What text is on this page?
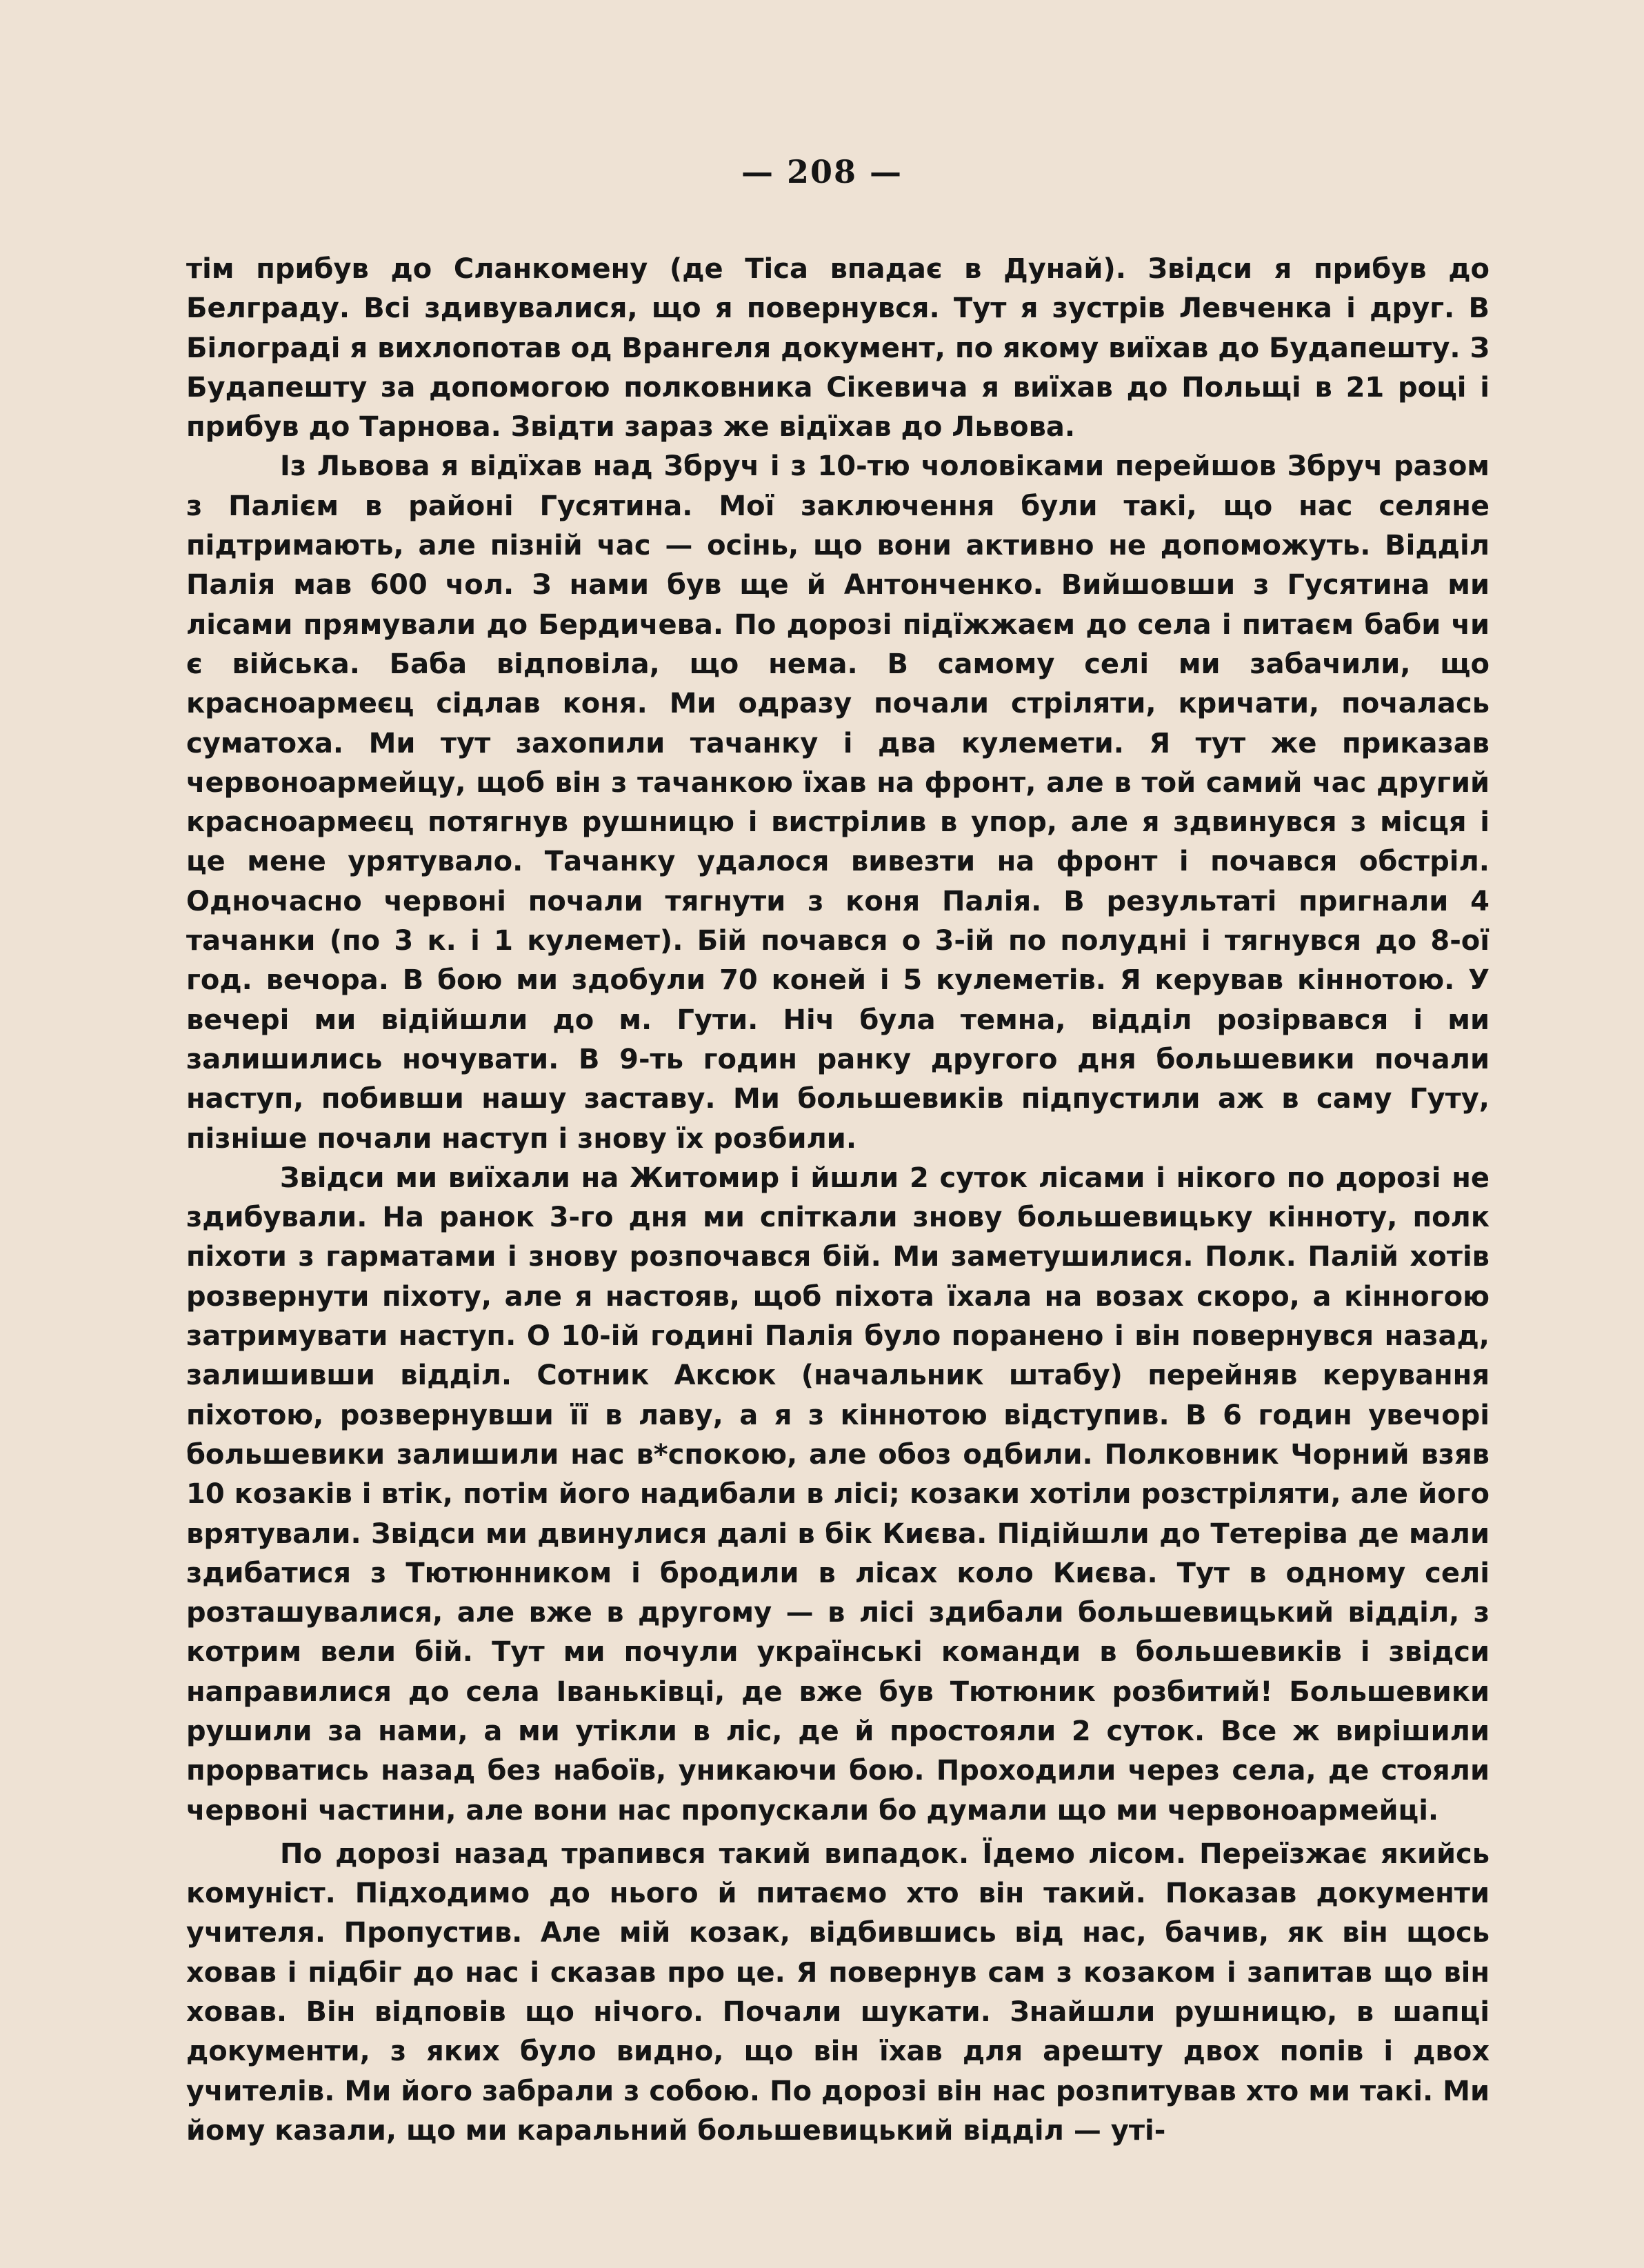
— 208 —

тім прибув до Сланкомену (де Тіса впадає в Дунай). Звідси я прибув до Белграду. Всі здивувалися, що я повернувся. Тут я зустрів Левченка і друг. В Білограді я вихлопотав од Врангеля документ, по якому виїхав до Будапешту. З Будапешту за допомогою полковника Сікевича я виїхав до Польщі в 21 році і прибув до Тарнова. Звідти зараз же відїхав до Львова.

Із Львова я відїхав над Збруч і з 10-тю чоловіками перейшов Збруч разом з Палієм в районі Гусятина. Мої заключення були такі, що нас селяне підтримають, але пізній час — осінь, що вони активно не допоможуть. Відділ Палія мав 600 чол. З нами був ще й Антонченко. Вийшовши з Гусятина ми лісами прямували до Бердичева. По дорозі підїжжаєм до села і питаєм баби чи є військa. Баба відповіла, що нема. В самому селі ми забачили, що красноармеєц сідлав коня. Ми одразу почали стріляти, кричати, почалась суматоха. Ми тут захопили тачанку і два кулемети. Я тут же приказав червоноармейцу, щоб він з тачанкою їхав на фронт, але в той самий час другий красноармеєц потягнув рушницю і вистрілив в упор, але я здвинувся з місця і це мене урятувало. Тачанку удалося вивезти на фронт і почався обстріл. Одночасно червоні почали тягнути з коня Палія. В результаті пригнали 4 тачанки (по 3 к. і 1 кулемет). Бій почався о 3-ій по полудні і тягнувся до 8-ої год. вечора. В бою ми здобули 70 коней і 5 кулеметів. Я керував кіннотою. У вечері ми відійшли до м. Гути. Ніч була темна, відділ розірвався і ми залишились ночувати. В 9-ть годин ранку другого дня большевики почали наступ, побивши нашу заставу. Ми большевиків підпустили аж в саму Гуту, пізніше почали наступ і знову їх розбили.

Звідси ми виїхали на Житомир і йшли 2 суток лісами і нікого по дорозі не здибували. На ранок 3-го дня ми спіткали знову большевицьку кінноту, полк піхоти з гарматами і знову розпочався бій. Ми заметушилися. Полк. Палій хотів розвернути піхоту, але я настояв, щоб піхота їхала на возах скоро, а кінногою затримувати наступ. О 10-ій годині Палія було поранено і він повернувся назад, залишивши відділ. Сотник Аксюк (начальник штабу) перейняв керування піхотою, розвернувши її в лаву, а я з кіннотою відступив. В 6 годин увечорі большевики залишили нас в*спокою, але обоз одбили. Полковник Чорний взяв 10 козаків і втік, потім його надибали в лісі; козаки хотіли розстріляти, але його врятували. Звідси ми двинулися далі в бік Києва. Підійшли до Тетеріва де мали здибатися з Тютюнником і бродили в лісах коло Києва. Тут в одному селі розташувалися, але вже в другому — в лісі здибали большевицький відділ, з котрим вели бій. Тут ми почули українські команди в большевиків і звідси направилися до села Іваньківці, де вже був Тютюник розбитий! Большевики рушили за нами, а ми утікли в ліс, де й простояли 2 суток. Все ж вирішили прорватись назад без набоїв, уникаючи бою. Проходили через села, де стояли червоні частини, але вони нас пропускали бо думали що ми червоноармейці.

По дорозі назад трапився такий випадок. Їдемо лісом. Переїзжає якийсь комуніст. Підходимо до нього й питаємо хто він такий. Показав документи учителя. Пропустив. Але мій козак, відбившись від нас, бачив, як він щось ховав і підбіг до нас і сказав про це. Я повернув сам з козаком і запитав що він ховав. Він відповів що нічого. Почали шукати. Знайшли рушницю, в шапці документи, з яких було видно, що він їхав для арешту двох попів і двох учителів. Ми його забрали з собою. По дорозі він нас розпитував хто ми такі. Ми йому казали, що ми каральний большевицький відділ — уті-
